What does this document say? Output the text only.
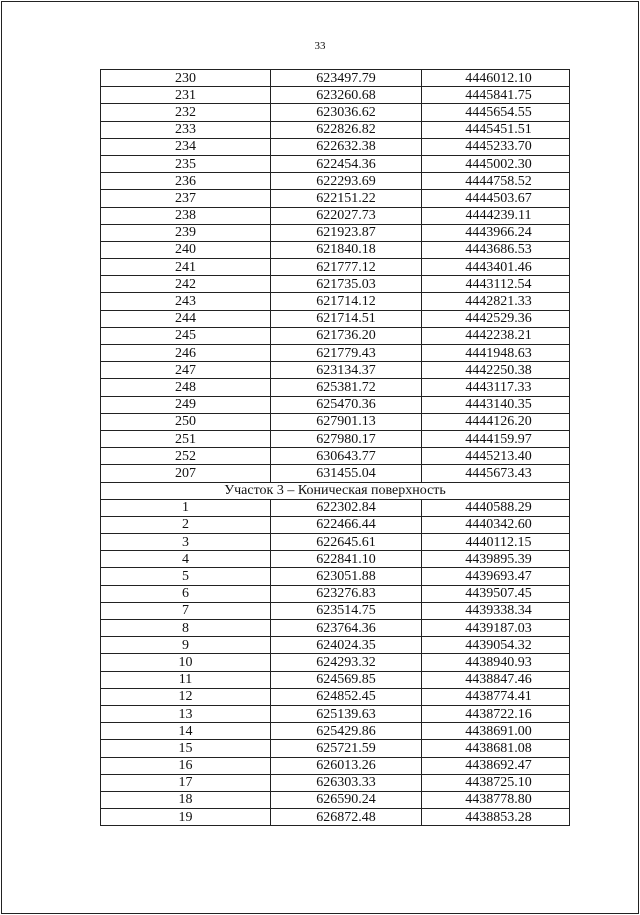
33
230	623497.79	4446012.10
231	623260.68	4445841.75
232	623036.62	4445654.55
233	622826.82	4445451.51
234	622632.38	4445233.70
235	622454.36	4445002.30
236	622293.69	4444758.52
237	622151.22	4444503.67
238	622027.73	4444239.11
239	621923.87	4443966.24
240	621840.18	4443686.53
241	621777.12	4443401.46
242	621735.03	4443112.54
243	621714.12	4442821.33
244	621714.51	4442529.36
245	621736.20	4442238.21
246	621779.43	4441948.63
247	623134.37	4442250.38
248	625381.72	4443117.33
249	625470.36	4443140.35
250	627901.13	4444126.20
251	627980.17	4444159.97
252	630643.77	4445213.40
207	631455.04	4445673.43
Участок 3 – Коническая поверхность		
1	622302.84	4440588.29
2	622466.44	4440342.60
3	622645.61	4440112.15
4	622841.10	4439895.39
5	623051.88	4439693.47
6	623276.83	4439507.45
7	623514.75	4439338.34
8	623764.36	4439187.03
9	624024.35	4439054.32
10	624293.32	4438940.93
11	624569.85	4438847.46
12	624852.45	4438774.41
13	625139.63	4438722.16
14	625429.86	4438691.00
15	625721.59	4438681.08
16	626013.26	4438692.47
17	626303.33	4438725.10
18	626590.24	4438778.80
19	626872.48	4438853.28
